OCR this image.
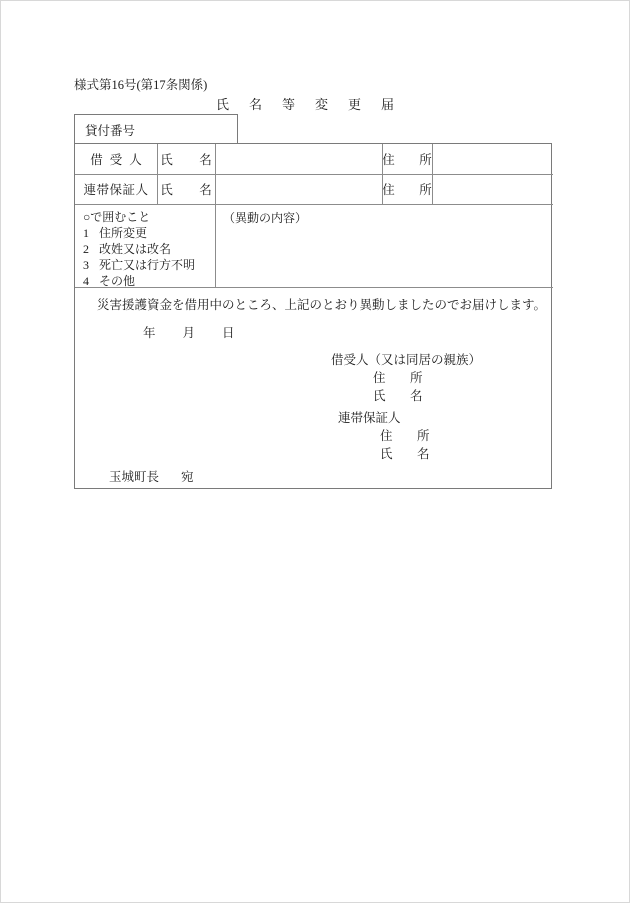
様式第16号(第17条関係)
氏名等変更届
貸付番号
借受人 氏　名	住　所
連帯保証人 氏　名	住　所
○で囲むこと
1 住所変更
2 改姓又は改名
3 死亡又は行方不明
4 その他
（異動の内容）
災害援護資金を借用中のところ、上記のとおり異動しましたのでお届けします。
年 月 日
借受人（又は同居の親族）
住　所
氏　名
連帯保証人
住　所
氏　名
玉城町長 宛
